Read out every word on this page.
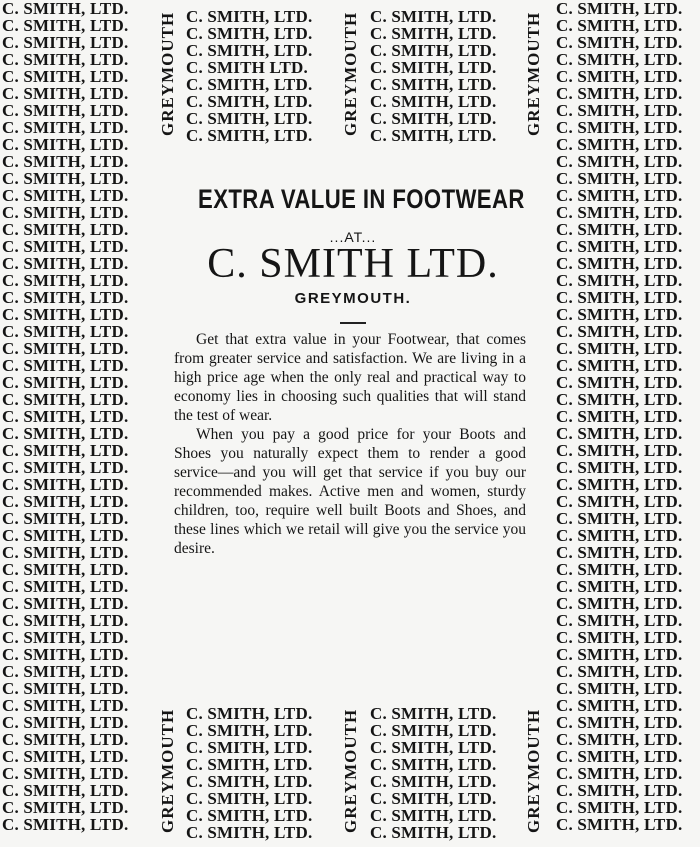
C. SMITH, LTD.
C. SMITH, LTD.
C. SMITH, LTD.
C. SMITH, LTD.
C. SMITH, LTD.
C. SMITH, LTD.
C. SMITH, LTD.
C. SMITH, LTD.
C. SMITH, LTD.
C. SMITH, LTD.
C. SMITH, LTD.
C. SMITH, LTD.
C. SMITH, LTD.
C. SMITH, LTD.
C. SMITH, LTD.
C. SMITH, LTD.
C. SMITH, LTD.
C. SMITH, LTD.
C. SMITH, LTD.
C. SMITH, LTD.
C. SMITH, LTD.
C. SMITH, LTD.
C. SMITH, LTD.
C. SMITH, LTD.
C. SMITH, LTD.
C. SMITH, LTD.
C. SMITH, LTD.
C. SMITH, LTD.
C. SMITH, LTD.
C. SMITH, LTD.
C. SMITH, LTD.
C. SMITH, LTD.
C. SMITH, LTD.
C. SMITH, LTD.
C. SMITH, LTD.
C. SMITH, LTD.
C. SMITH, LTD.
C. SMITH, LTD.
C. SMITH, LTD.
C. SMITH, LTD.
C. SMITH, LTD.
C. SMITH, LTD.
C. SMITH, LTD.
C. SMITH, LTD.
C. SMITH, LTD.
C. SMITH, LTD.
C. SMITH, LTD.
C. SMITH, LTD.
C. SMITH, LTD.
C. SMITH, LTD.
C. SMITH, LTD.
C. SMITH, LTD.
C. SMITH, LTD.
C. SMITH, LTD.
C. SMITH, LTD.
C. SMITH, LTD.
C. SMITH, LTD.
C. SMITH, LTD.
C. SMITH, LTD.
C. SMITH, LTD.
C. SMITH, LTD.
C. SMITH, LTD.
C. SMITH, LTD.
C. SMITH, LTD.
C. SMITH, LTD.
C. SMITH, LTD.
C. SMITH, LTD.
C. SMITH, LTD.
C. SMITH, LTD.
C. SMITH, LTD.
C. SMITH, LTD.
C. SMITH, LTD.
C. SMITH, LTD.
C. SMITH, LTD.
C. SMITH, LTD.
C. SMITH, LTD.
C. SMITH, LTD.
C. SMITH, LTD.
C. SMITH, LTD.
C. SMITH, LTD.
C. SMITH, LTD.
C. SMITH, LTD.
C. SMITH, LTD.
C. SMITH, LTD.
C. SMITH, LTD.
C. SMITH, LTD.
C. SMITH, LTD.
C. SMITH, LTD.
C. SMITH, LTD.
C. SMITH, LTD.
C. SMITH, LTD.
C. SMITH, LTD.
C. SMITH, LTD.
C. SMITH, LTD.
C. SMITH, LTD.
C. SMITH, LTD.
C. SMITH, LTD.
C. SMITH, LTD.
C. SMITH, LTD.
C. SMITH, LTD.
C. SMITH, LTD.
C. SMITH LTD.
C. SMITH, LTD.
C. SMITH, LTD.
C. SMITH, LTD.
C. SMITH, LTD.
C. SMITH, LTD.
C. SMITH, LTD.
C. SMITH, LTD.
C. SMITH, LTD.
C. SMITH, LTD.
C. SMITH, LTD.
C. SMITH, LTD.
C. SMITH, LTD.
C. SMITH, LTD.
C. SMITH, LTD.
C. SMITH, LTD.
C. SMITH, LTD.
C. SMITH, LTD.
C. SMITH, LTD.
C. SMITH, LTD.
C. SMITH, LTD.
C. SMITH, LTD.
C. SMITH, LTD.
C. SMITH, LTD.
C. SMITH, LTD.
C. SMITH, LTD.
C. SMITH, LTD.
C. SMITH, LTD.
C. SMITH, LTD.
GREYMOUTH	GREYMOUTH	GREYMOUTH
GREYMOUTH	GREYMOUTH	GREYMOUTH
EXTRA VALUE IN FOOTWEAR
...AT...
C. SMITH LTD.
GREYMOUTH.

Get that extra value in your Footwear, that comes from greater service and satisfaction. We are living in a high price age when the only real and practical way to economy lies in choosing such qualities that will stand the test of wear.

When you pay a good price for your Boots and Shoes you naturally expect them to render a good service—and you will get that service if you buy our recommended makes. Active men and women, sturdy children, too, require well built Boots and Shoes, and these lines which we retail will give you the service you desire.
